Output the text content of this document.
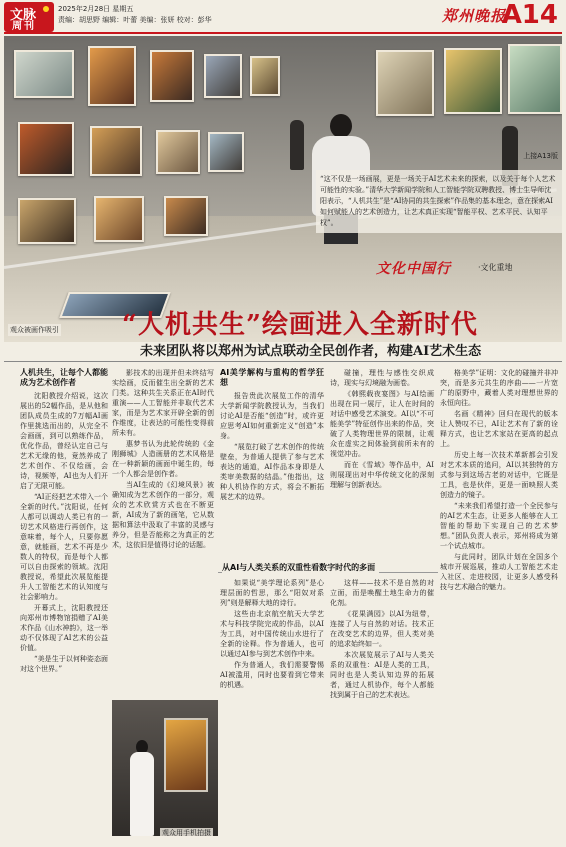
文脉
周刊
2025年2月28日 星期五
责编：胡思野 编辑：叶蕾 美编：张妍 校对：彭华	郑州晚报
A14
上接A13版
“这不仅是一场画展，更是一场关于AI艺术未来的探索，以及关于每个人艺术可能性的实验。”清华大学新闻学院和人工智能学院双聘教授、博士生导师沈阳表示，“人机共生”是“AI协同的共生探索”作品集的基本理念，意在探索AI如何赋能人的艺术创造力，让艺术真正实现“智能平权、艺术平民、认知平权”。
文化中国行	·文化重地
观众被画作吸引 “人机共生”绘画进入全新时代
未来团队将以郑州为试点联动全民创作者，构建AI艺术生态
人机共生，让每个人都能成为艺术创作者

沈阳教授介绍说，这次展出的52幅作品，是从他和团队成员生成的7万幅AI画作里挑选而出的，从完全不会画画，到可以熟练作品，优化作品，曾经认定自己与艺术无缘的他，竟然养成了艺术创作、不仅绘画，会诗，视频等，AI也为人们开启了无限可能。

“AI正经把艺术带入一个全新的时代。”沈阳说，任何人都可以调动人类已有的一切艺术风格进行再创作，这意味着，每个人，只要你愿意，就能画，艺术不再是少数人的特权，而是每个人都可以自由探索的领域。沈阳教授说，希望此次展览能提升人工智能艺术的认知度与社会影响力。

开幕式上，沈阳教授还向郑州市博物馆捐赠了AI美术作品《山水神韵》，这一举动不仅体现了AI艺术的公益价值。

“美是生于以何种姿态面对这个世界。”

影技术的出现并但未终结写实绘画，反而催生出全新的艺术门类。这种共生关系正在AI时代重演——人工智能并非取代艺术家，而是为艺术家开辟全新的创作维度，让表达的可能性变得前所未有。

惠梦书认为此轮传统的《金刚狮城》人造画册的艺术风格是在一种新颖的画面中诞生的，每一个人都会是创作者。

当AI生成的《幻境风景》被确知成为艺术创作的一部分，观众的艺术欣赏方式也在不断更新，AI成为了新的画笔，它从数据和算法中汲取了丰富的灵感与养分，但是否能称之为真正的艺术，这依旧是值得讨论的话题。

AI美学解构与重构的哲学狂想

报告贵此次展览工作的清华大学新闻学院教授认为，当我们讨论AI是否能“创造”时，或许更应思考AI如何重新定义“创造”本身。

“展览打破了艺术创作的传统壁垒，为普通人提供了参与艺术表达的通道，AI作品本身即是人类审美数据的结晶。”他指出，这种人机协作的方式，将会不断拓展艺术的边界。

碰撞，理性与感性交织成诗，现实与幻境融为画卷。

《韩熙载夜宴图》与AI绘画出现在同一展厅，让人在时间的对话中感受艺术演变。AI以“不可能美学”特征创作出来的作品，突破了人类物理世界的限制，让观众在虚实之间体验到前所未有的视觉冲击。

而在《雪域》等作品中，AI则展现出对中华传统文化的深刻理解与创新表达。

格美学”证明：文化的碰撞并非冲突，而是多元共生的序曲——一片宽广的原野中，藏着人类对理想世界的永恒向往。

名画《精神》回归在现代的版本让人赞叹不已，AI让艺术有了新的诠释方式，也让艺术家站在更高的起点上。

历史上每一次技术革新都会引发对艺术本质的追问，AI以其独特的方式参与到这场古老的对话中，它既是工具，也是伙伴，更是一面映照人类创造力的镜子。

“未来我们希望打造一个全民参与的AI艺术生态，让更多人能够在人工智能的帮助下实现自己的艺术梦想。”团队负责人表示，郑州将成为第一个试点城市。

与此同时，团队计划在全国多个城市开展巡展，推动人工智能艺术走入社区、走进校园，让更多人感受科技与艺术融合的魅力。

从AI与人类关系的双重性看数字时代的多面

如果说“美学理论系列”是心理层面的哲思，那么“阳奴对系列”则是解释大地的诗行。

这些由北京航空航天大学艺术与科技学院完成的作品，以AI为工具，对中国传统山水进行了全新的诠释。作为普通人，也可以通过AI参与到艺术创作中来。

作为普通人，我们需要警惕AI被滥用，同时也要看到它带来的机遇。

这样——技术不是自然的对立面，而是唤醒土地生命力的催化剂。

《花果满园》以AI为纽带，连接了人与自然的对话。技术正在改变艺术的边界，但人类对美的追求始终如一。

本次展览展示了AI与人类关系的双重性：AI是人类的工具，同时也是人类认知边界的拓展者，通过人机协作，每个人都能找到属于自己的艺术表达。

观众用手机拍摄
